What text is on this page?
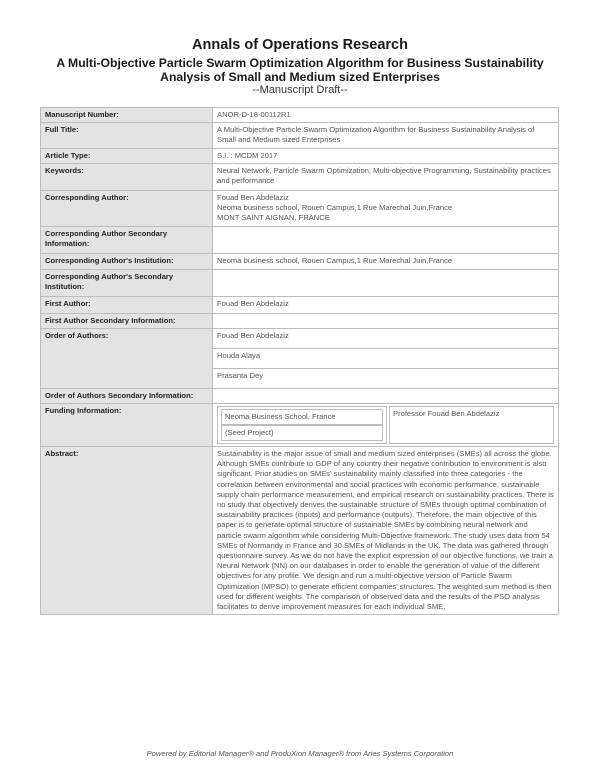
Annals of Operations Research
A Multi-Objective Particle Swarm Optimization Algorithm for Business Sustainability
Analysis of Small and Medium sized Enterprises
--Manuscript Draft--
Manuscript Number:	ANOR-D-18-00112R1
Full Title:	A Multi-Objective Particle Swarm Optimization Algorithm for Business Sustainability Analysis of Small and Medium sized Enterprises
Article Type:	S.I. : MCDM 2017
Keywords:	Neural Network, Particle Swarm Optimization, Multi-objective Programming, Sustainability practices and performance
Corresponding Author:	Fouad Ben Abdelaziz
Neoma business school, Rouen Campus,1 Rue Marechal Juin,France
MONT SAINT AIGNAN, FRANCE

Corresponding Author Secondary Information:	
Corresponding Author's Institution:	Neoma business school, Rouen Campus,1 Rue Marechal Juin,France
Corresponding Author's Secondary Institution:	
First Author:	Fouad Ben Abdelaziz
First Author Secondary Information:	
Order of Authors:	Fouad Ben Abdelaziz
Houda Alaya
Prasanta Dey

Order of Authors Secondary Information:	
Funding Information:	Neoma Business School, France
(Seed Project)
Professor Fouad Ben Abdelaziz

Abstract:	Sustainability is the major issue of small and medium sized enterprises (SMEs) all across the globe. Although SMEs contribute to GDP of any country their negative contribution to environment is also significant. Prior studies on SMEs' sustainability mainly classified into three categories - the correlation between environmental and social practices with economic performance, sustainable supply chain performance measurement, and empirical research on sustainability practices. There is no study that objectively derives the sustainable structure of SMEs through optimal combination of sustainability practices (inputs) and performance (outputs). Therefore, the main objective of this paper is to generate optimal structure of sustainable SMEs by combining neural network and particle swarm algorithm while considering Multi-Objective framework. The study uses data from 54 SMEs of Normandy in France and 30 SMEs of Midlands in the UK. The data was gathered through questionnaire survey. As we do not have the explicit expression of our objective functions, we train a Neural Network (NN) on our databases in order to enable the generation of value of the different objectives for any profile. We design and run a multi-objective version of Particle Swarm Optimization (MPSO) to generate efficient companies' structures. The weighted sum method is then used for different weights. The comparison of observed data and the results of the PSO analysis facilitates to derive improvement measures for each individual SME.
Powered by Editorial Manager® and ProduXion Manager® from Aries Systems Corporation
